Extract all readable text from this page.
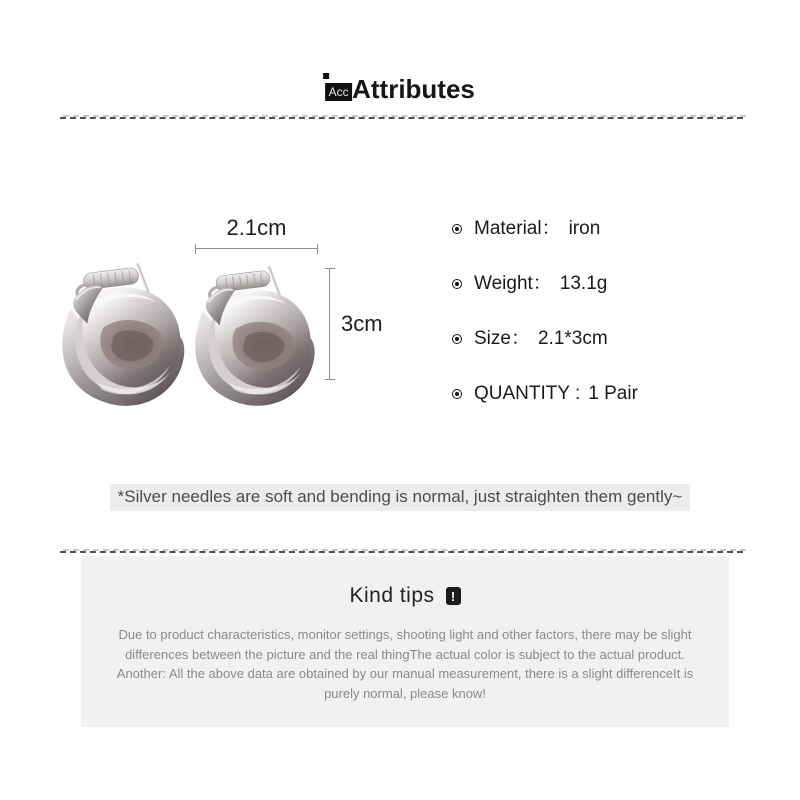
Acc Attributes
2.1cm
3cm
Material： iron
Weight： 13.1g
Size： 2.1*3cm
QUANTITY : 1 Pair
*Silver needles are soft and bending is normal, just straighten them gently~
Kind tips	!
Due to product characteristics, monitor settings, shooting light and other factors, there may be slight
differences between the picture and the real thingThe actual color is subject to the actual product.
Another: All the above data are obtained by our manual measurement, there is a slight differenceIt is
purely normal, please know!
